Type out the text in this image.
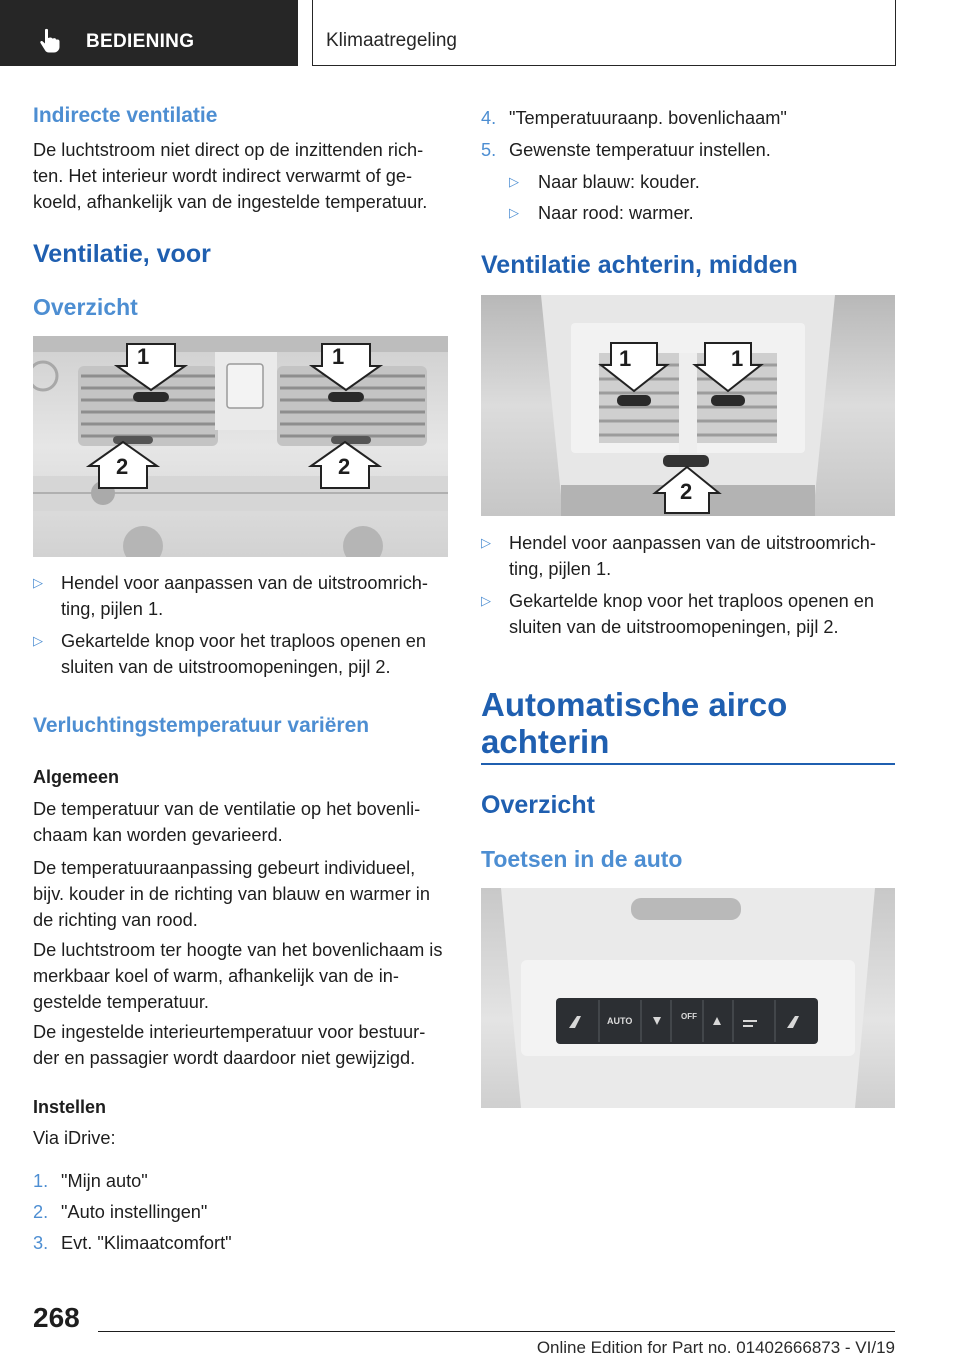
BEDIENING	Klimaatregeling
Indirecte ventilatie
De luchtstroom niet direct op de inzittenden rich-ten. Het interieur wordt indirect verwarmt of ge-koeld, afhankelijk van de ingestelde temperatuur.
Ventilatie, voor
Overzicht
1	1
2	2
▷ Hendel voor aanpassen van de uitstroomrich-ting, pijlen 1.
▷ Gekartelde knop voor het traploos openen en sluiten van de uitstroomopeningen, pijl 2.
Verluchtingstemperatuur variëren
Algemeen
De temperatuur van de ventilatie op het bovenli-chaam kan worden gevarieerd.
De temperatuuraanpassing gebeurt individueel, bijv. kouder in de richting van blauw en warmer in de richting van rood.
De luchtstroom ter hoogte van het bovenlichaam is merkbaar koel of warm, afhankelijk van de in-gestelde temperatuur.
De ingestelde interieurtemperatuur voor bestuur-der en passagier wordt daardoor niet gewijzigd.
Instellen
Via iDrive:
1. "Mijn auto"
2. "Auto instellingen"
3. Evt. "Klimaatcomfort"
4. "Temperatuuraanp. bovenlichaam"
5. Gewenste temperatuur instellen.
▷	Naar blauw: kouder.
▷	Naar rood: warmer.
Ventilatie achterin, midden
1	1
2
▷ Hendel voor aanpassen van de uitstroomrich-ting, pijlen 1.
▷ Gekartelde knop voor het traploos openen en sluiten van de uitstroomopeningen, pijl 2.
Automatische airco
achterin
Overzicht
Toetsen in de auto
AUTO	OFF
268
Online Edition for Part no. 01402666873 - VI/19
